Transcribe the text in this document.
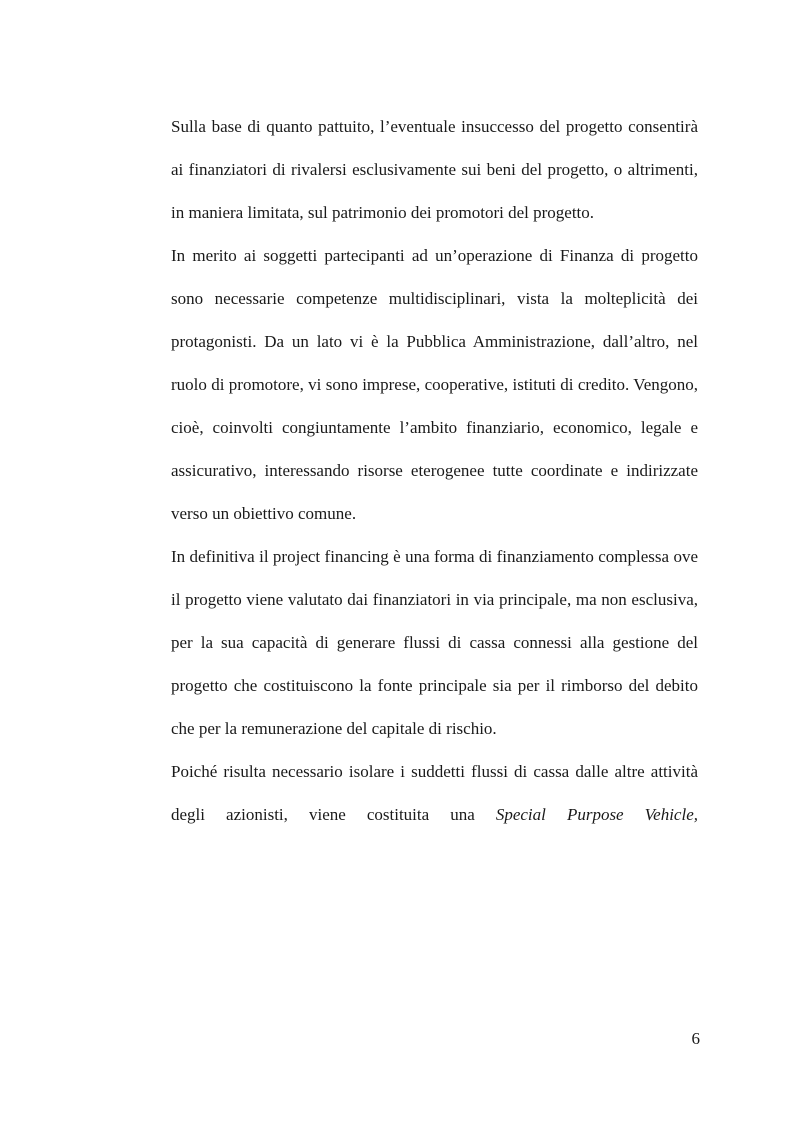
Sulla base di quanto pattuito, l’eventuale insuccesso del progetto consentirà ai finanziatori di rivalersi esclusivamente sui beni del progetto, o altrimenti, in maniera limitata, sul patrimonio dei promotori del progetto.

In merito ai soggetti partecipanti ad un’operazione di Finanza di progetto sono necessarie competenze multidisciplinari, vista la molteplicità dei protagonisti. Da un lato vi è la Pubblica Amministrazione, dall’altro, nel ruolo di promotore, vi sono imprese, cooperative, istituti di credito. Vengono, cioè, coinvolti congiuntamente l’ambito finanziario, economico, legale e assicurativo, interessando risorse eterogenee tutte coordinate e indirizzate verso un obiettivo comune.

In definitiva il project financing è una forma di finanziamento complessa ove il progetto viene valutato dai finanziatori in via principale, ma non esclusiva, per la sua capacità di generare flussi di cassa connessi alla gestione del progetto che costituiscono la fonte principale sia per il rimborso del debito che per la remunerazione del capitale di rischio.

Poiché risulta necessario isolare i suddetti flussi di cassa dalle altre attività degli azionisti, viene costituita una Special Purpose Vehicle,

6
